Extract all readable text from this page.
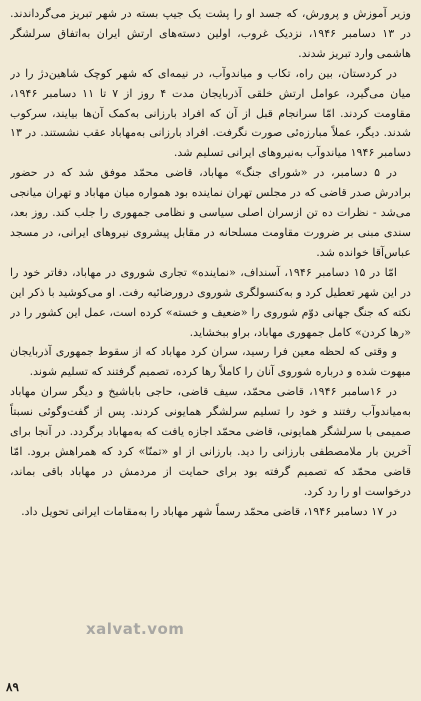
وزیر آموزش و پرورش، که جسد او را پشت یک جیپ بسته در شهر تبریز می‌گرداندند. در ۱۳ دسامبر ۱۹۴۶، نزدیک غروب، اولین دسته‌های ارتش ایران به‌اتفاق سرلشگر هاشمی وارد تبریز شدند.

در کردستان، بین راه، تکاب و میاندوآب، در نیمه‌ای که شهر کوچک شاهین‌دژ را در میان می‌گیرد، عوامل ارتش خلقی آذربایجان مدت ۴ روز از ۷ تا ۱۱ دسامبر ۱۹۴۶، مقاومت کردند. امّا سرانجام قبل از آن که افراد بارزانی به‌کمک آن‌ها بیایند، سرکوب شدند. دیگر، عملاً مبارزه‌ئی صورت نگرفت. افراد بارزانی به‌مهاباد عقب نشستند. در ۱۳ دسامبر ۱۹۴۶ میاندوآب به‌نیروهای ایرانی تسلیم شد.

در ۵ دسامبر، در «شورای جنگ» مهاباد، قاضی محمّد موفق شد که در حضور برادرش صدر قاضی که در مجلس تهران نماینده بود همواره میان مهاباد و تهران میانجی می‌شد - نظرات ده تن ازسران اصلی سیاسی و نظامی جمهوری را جلب کند. روز بعد، سندی مبنی بر ضرورت مقاومت مسلحانه در مقابل پیشروی نیروهای ایرانی، در مسجد عباس‌آقا خوانده شد.

امّا در ۱۵ دسامبر ۱۹۴۶، آسنداف، «نماینده» تجاری شوروی در مهاباد، دفاتر خود را در این شهر تعطیل کرد و به‌کنسولگری شوروی درورضائیه رفت. او می‌کوشید با ذکر این نکته که جنگ جهانی دوّم شوروی را «ضعیف و خسته» کرده است، عمل این کشور را در «رها کردن» کامل جمهوری مهاباد، براو ببخشاید.

و وقتی که لحظه معین فرا رسید، سران کرد مهاباد که از سقوط جمهوری آذربایجان مبهوت شده و درباره شوروی آنان را کاملاً رها کرده، تصمیم گرفتند که تسلیم شوند.

در ۱۶سامبر ۱۹۴۶، قاضی محمّد، سیف قاضی، حاجی بابا‌شیخ و دیگر سران مهاباد به‌میاندوآب رفتند و خود را تسلیم سرلشگر همایونی کردند. پس از گفت‌وگوئی نسبتاً صمیمی با سرلشگر همایونی، قاضی محمّد اجازه یافت که به‌مهاباد برگردد. در آنجا برای آخرین بار ملامصطفی بارزانی را دید. بارزانی از او «تمنّا» کرد که همراهش برود. امّا قاضی محمّد که تصمیم گرفته بود برای حمایت از مردمش در مهاباد باقی بماند، درخواست او را رد کرد.

در ۱۷ دسامبر ۱۹۴۶، قاضی محمّد رسماً شهر مهاباد را به‌مقامات ایرانی تحویل داد.

xalvat.vom
۸۹
